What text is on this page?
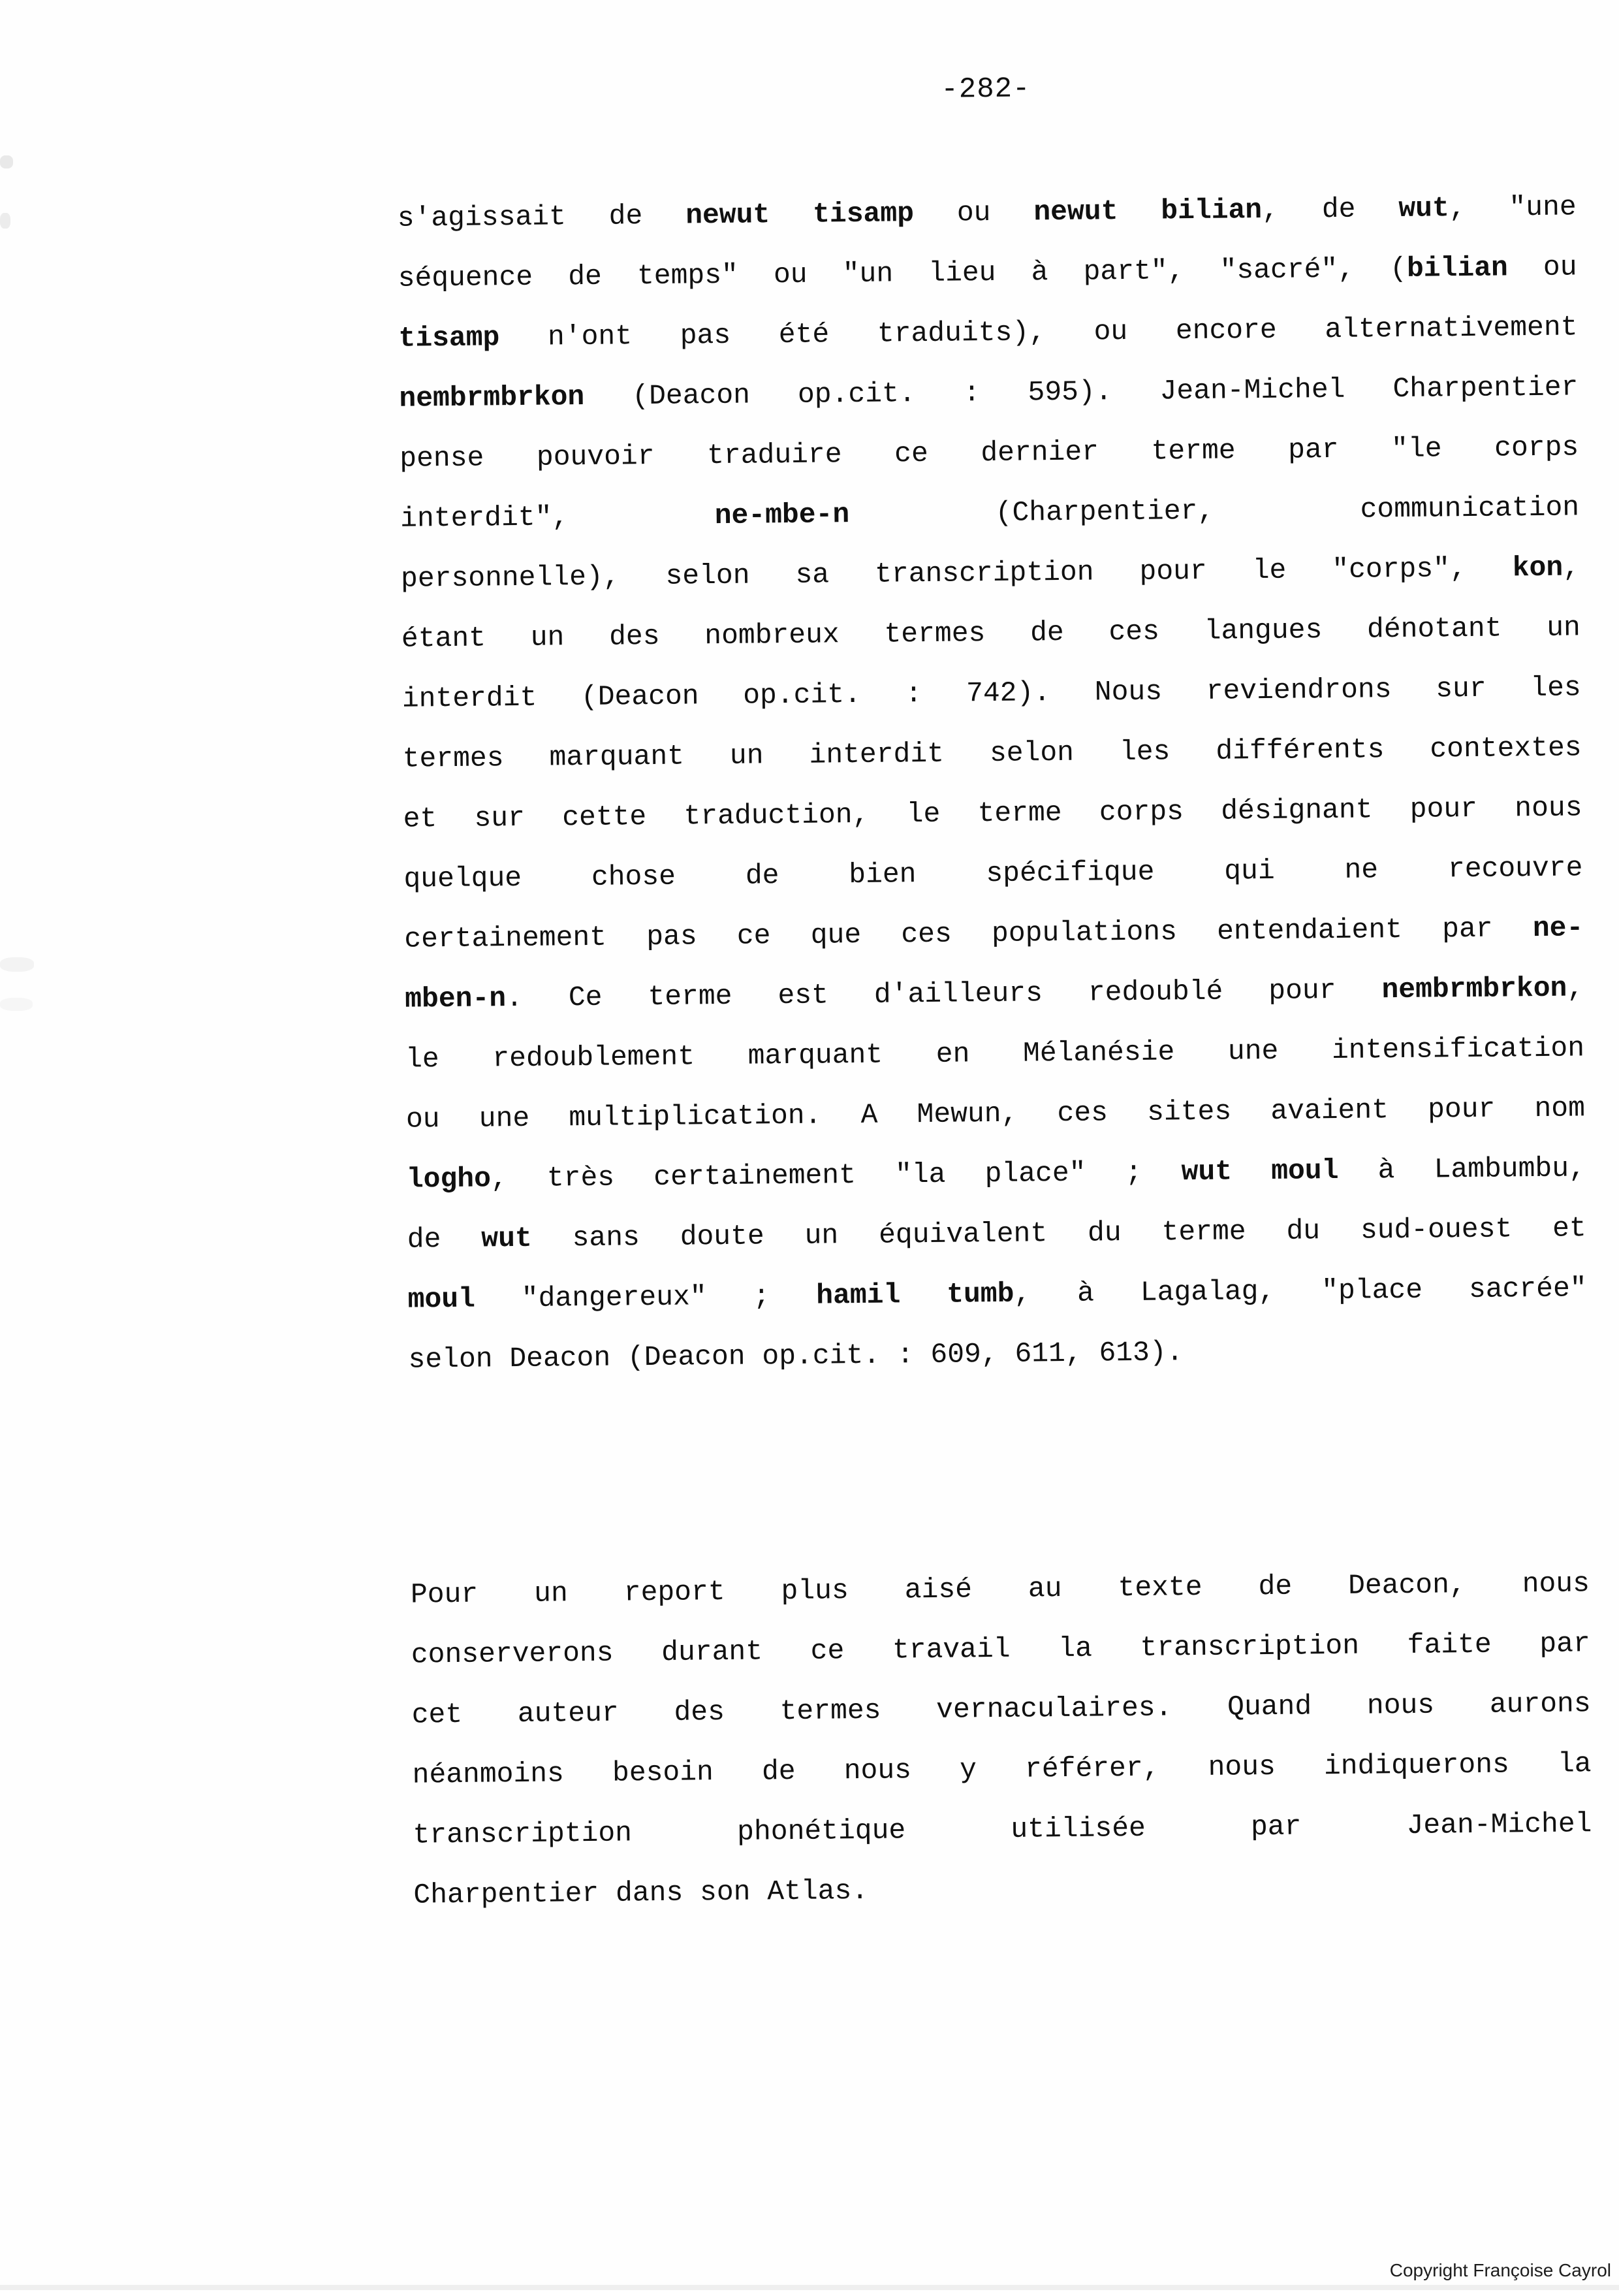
-282-
s'agissait de newut tisamp ou newut bilian, de wut, "une
séquence de temps" ou "un lieu à part", "sacré", (bilian ou
tisamp n'ont pas été traduits), ou encore alternativement
nembrmbrkon (Deacon op.cit. : 595). Jean-Michel Charpentier
pense pouvoir traduire ce dernier terme par "le corps
interdit", ne-mbe-n (Charpentier, communication
personnelle), selon sa transcription pour le "corps", kon,
étant un des nombreux termes de ces langues dénotant un
interdit (Deacon op.cit. : 742). Nous reviendrons sur les
termes marquant un interdit selon les différents contextes
et sur cette traduction, le terme corps désignant pour nous
quelque chose de bien spécifique qui ne recouvre
certainement pas ce que ces populations entendaient par ne-
mben-n. Ce terme est d'ailleurs redoublé pour nembrmbrkon,
le redoublement marquant en Mélanésie une intensification
ou une multiplication. A Mewun, ces sites avaient pour nom
logho, très certainement "la place" ; wut moul à Lambumbu,
de wut sans doute un équivalent du terme du sud-ouest et
moul "dangereux" ; hamil tumb, à Lagalag, "place sacrée"
selon Deacon (Deacon op.cit. : 609, 611, 613).
Pour un report plus aisé au texte de Deacon, nous
conserverons durant ce travail la transcription faite par
cet auteur des termes vernaculaires. Quand nous aurons
néanmoins besoin de nous y référer, nous indiquerons la
transcription phonétique utilisée par Jean-Michel
Charpentier dans son Atlas.
Copyright Françoise Cayrol
